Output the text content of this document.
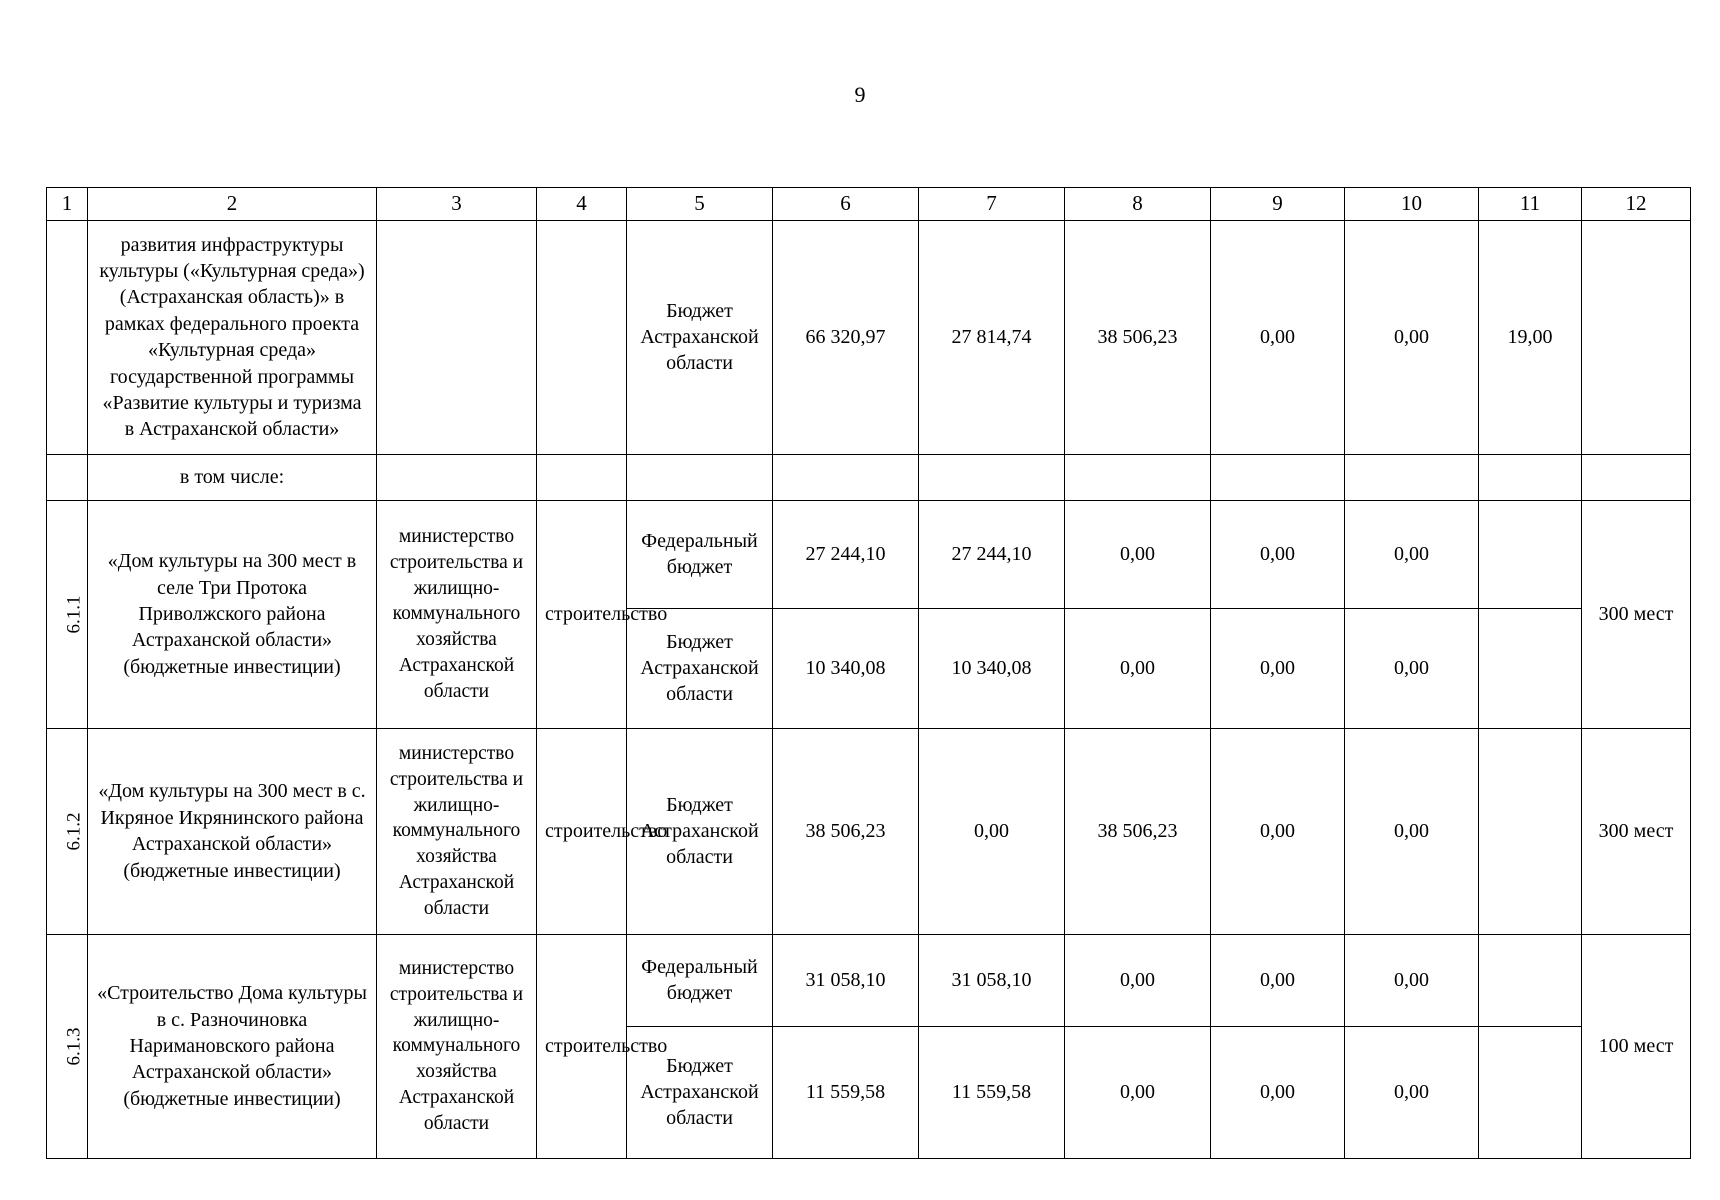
9
1	2	3	4	5	6	7	8	9	10	11	12
	развития инфраструктуры культуры («Культурная среда») (Астраханская область)» в рамках федерального проекта «Культурная среда» государственной программы «Развитие культуры и туризма в Астраханской области»			Бюджет Астраханской области	66 320,97	27 814,74	38 506,23	0,00	0,00	19,00	
	в том числе:										
6.1.1	«Дом культуры на 300 мест в селе Три Протока Приволжского района Астраханской области» (бюджетные инвестиции)	министерство строительства и жилищно-коммунального хозяйства Астраханской области	строительство	Федеральный бюджет	27 244,10	27 244,10	0,00	0,00	0,00		300 мест
				Бюджет Астраханской области	10 340,08	10 340,08	0,00	0,00	0,00		
6.1.2	«Дом культуры на 300 мест в с. Икряное Икрянинского района Астраханской области» (бюджетные инвестиции)	министерство строительства и жилищно-коммунального хозяйства Астраханской области	строительство	Бюджет Астраханской области	38 506,23	0,00	38 506,23	0,00	0,00		300 мест
6.1.3	«Строительство Дома культуры в с. Разночиновка Наримановского района Астраханской области» (бюджетные инвестиции)	министерство строительства и жилищно-коммунального хозяйства Астраханской области	строительство	Федеральный бюджет	31 058,10	31 058,10	0,00	0,00	0,00		100 мест
				Бюджет Астраханской области	11 559,58	11 559,58	0,00	0,00	0,00		
